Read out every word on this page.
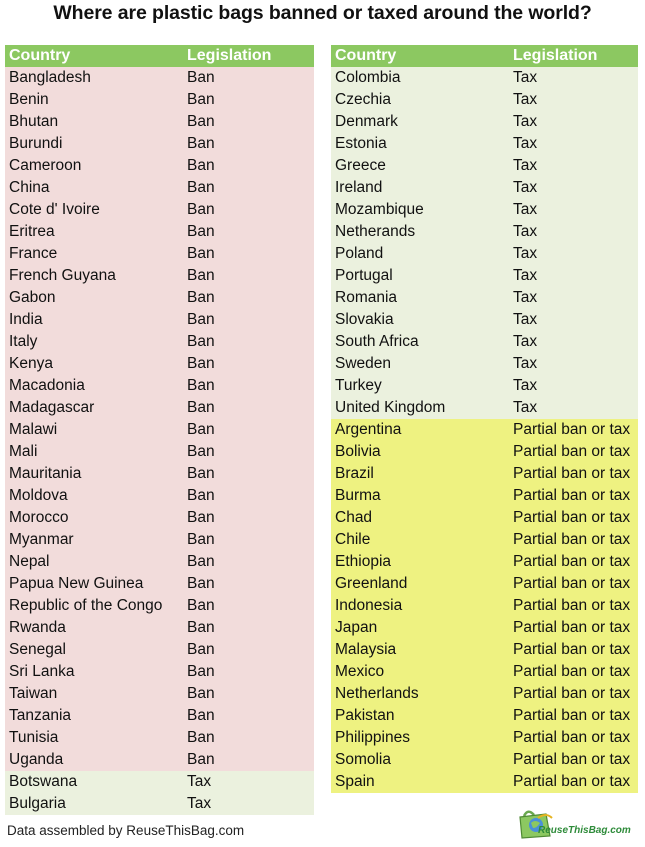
Where are plastic bags banned or taxed around the world?
Country	Legislation
Bangladesh	Ban
Benin	Ban
Bhutan	Ban
Burundi	Ban
Cameroon	Ban
China	Ban
Cote d' Ivoire	Ban
Eritrea	Ban
France	Ban
French Guyana	Ban
Gabon	Ban
India	Ban
Italy	Ban
Kenya	Ban
Macadonia	Ban
Madagascar	Ban
Malawi	Ban
Mali	Ban
Mauritania	Ban
Moldova	Ban
Morocco	Ban
Myanmar	Ban
Nepal	Ban
Papua New Guinea	Ban
Republic of the Congo	Ban
Rwanda	Ban
Senegal	Ban
Sri Lanka	Ban
Taiwan	Ban
Tanzania	Ban
Tunisia	Ban
Uganda	Ban
Botswana	Tax
Bulgaria	Tax
Country	Legislation
Colombia	Tax
Czechia	Tax
Denmark	Tax
Estonia	Tax
Greece	Tax
Ireland	Tax
Mozambique	Tax
Netherands	Tax
Poland	Tax
Portugal	Tax
Romania	Tax
Slovakia	Tax
South Africa	Tax
Sweden	Tax
Turkey	Tax
United Kingdom	Tax
Argentina	Partial ban or tax
Bolivia	Partial ban or tax
Brazil	Partial ban or tax
Burma	Partial ban or tax
Chad	Partial ban or tax
Chile	Partial ban or tax
Ethiopia	Partial ban or tax
Greenland	Partial ban or tax
Indonesia	Partial ban or tax
Japan	Partial ban or tax
Malaysia	Partial ban or tax
Mexico	Partial ban or tax
Netherlands	Partial ban or tax
Pakistan	Partial ban or tax
Philippines	Partial ban or tax
Somolia	Partial ban or tax
Spain	Partial ban or tax
Data assembled by ReuseThisBag.com	ReuseThisBag.com
